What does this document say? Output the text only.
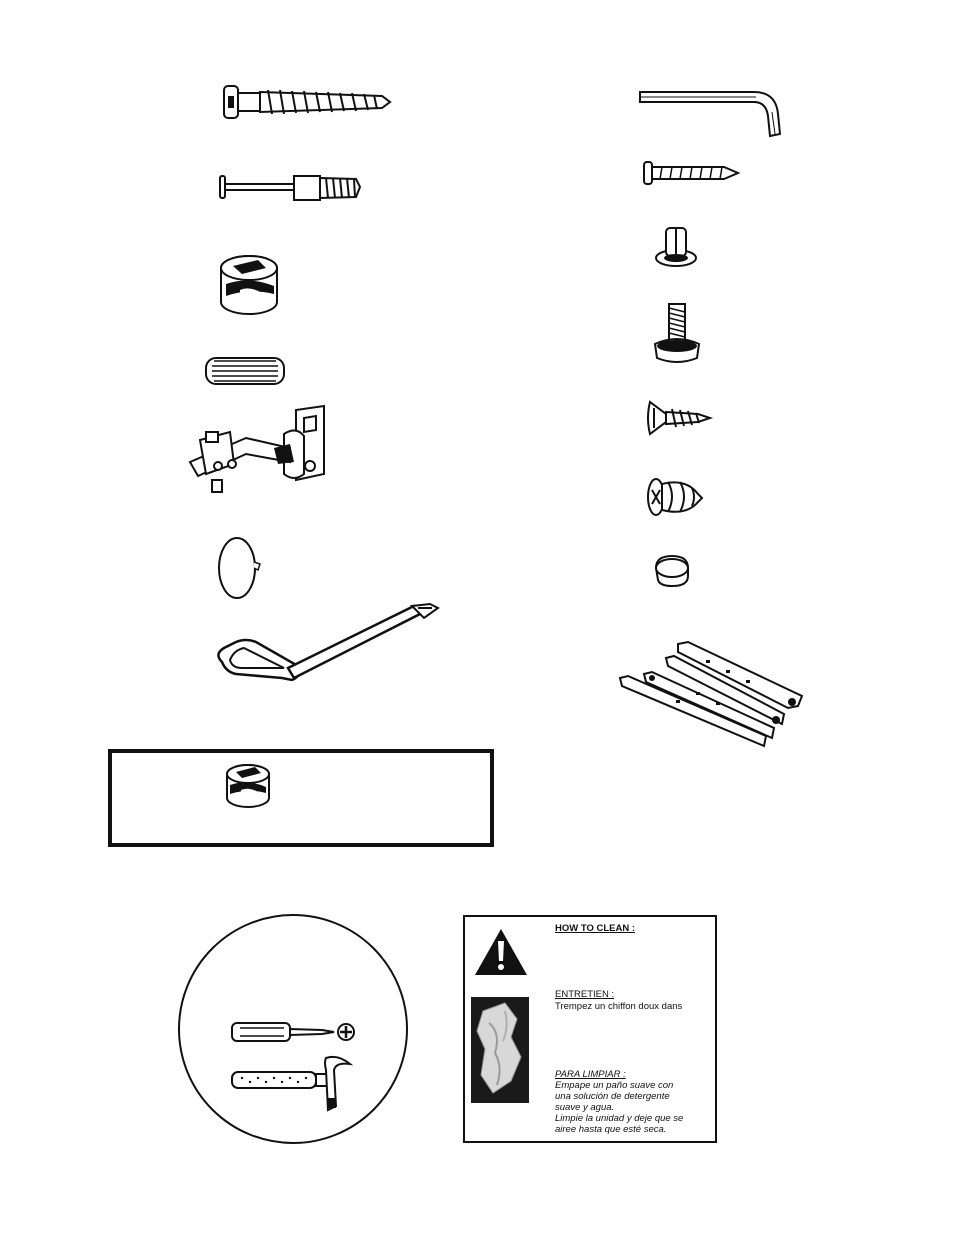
HOW TO CLEAN :
ENTRETIEN :
Trempez un chiffon doux dans
PARA LIMPIAR :
Empape un paño suave con
una solución de detergente
suave y agua.
Limpie la unidad y deje que se
airee hasta que esté seca.
